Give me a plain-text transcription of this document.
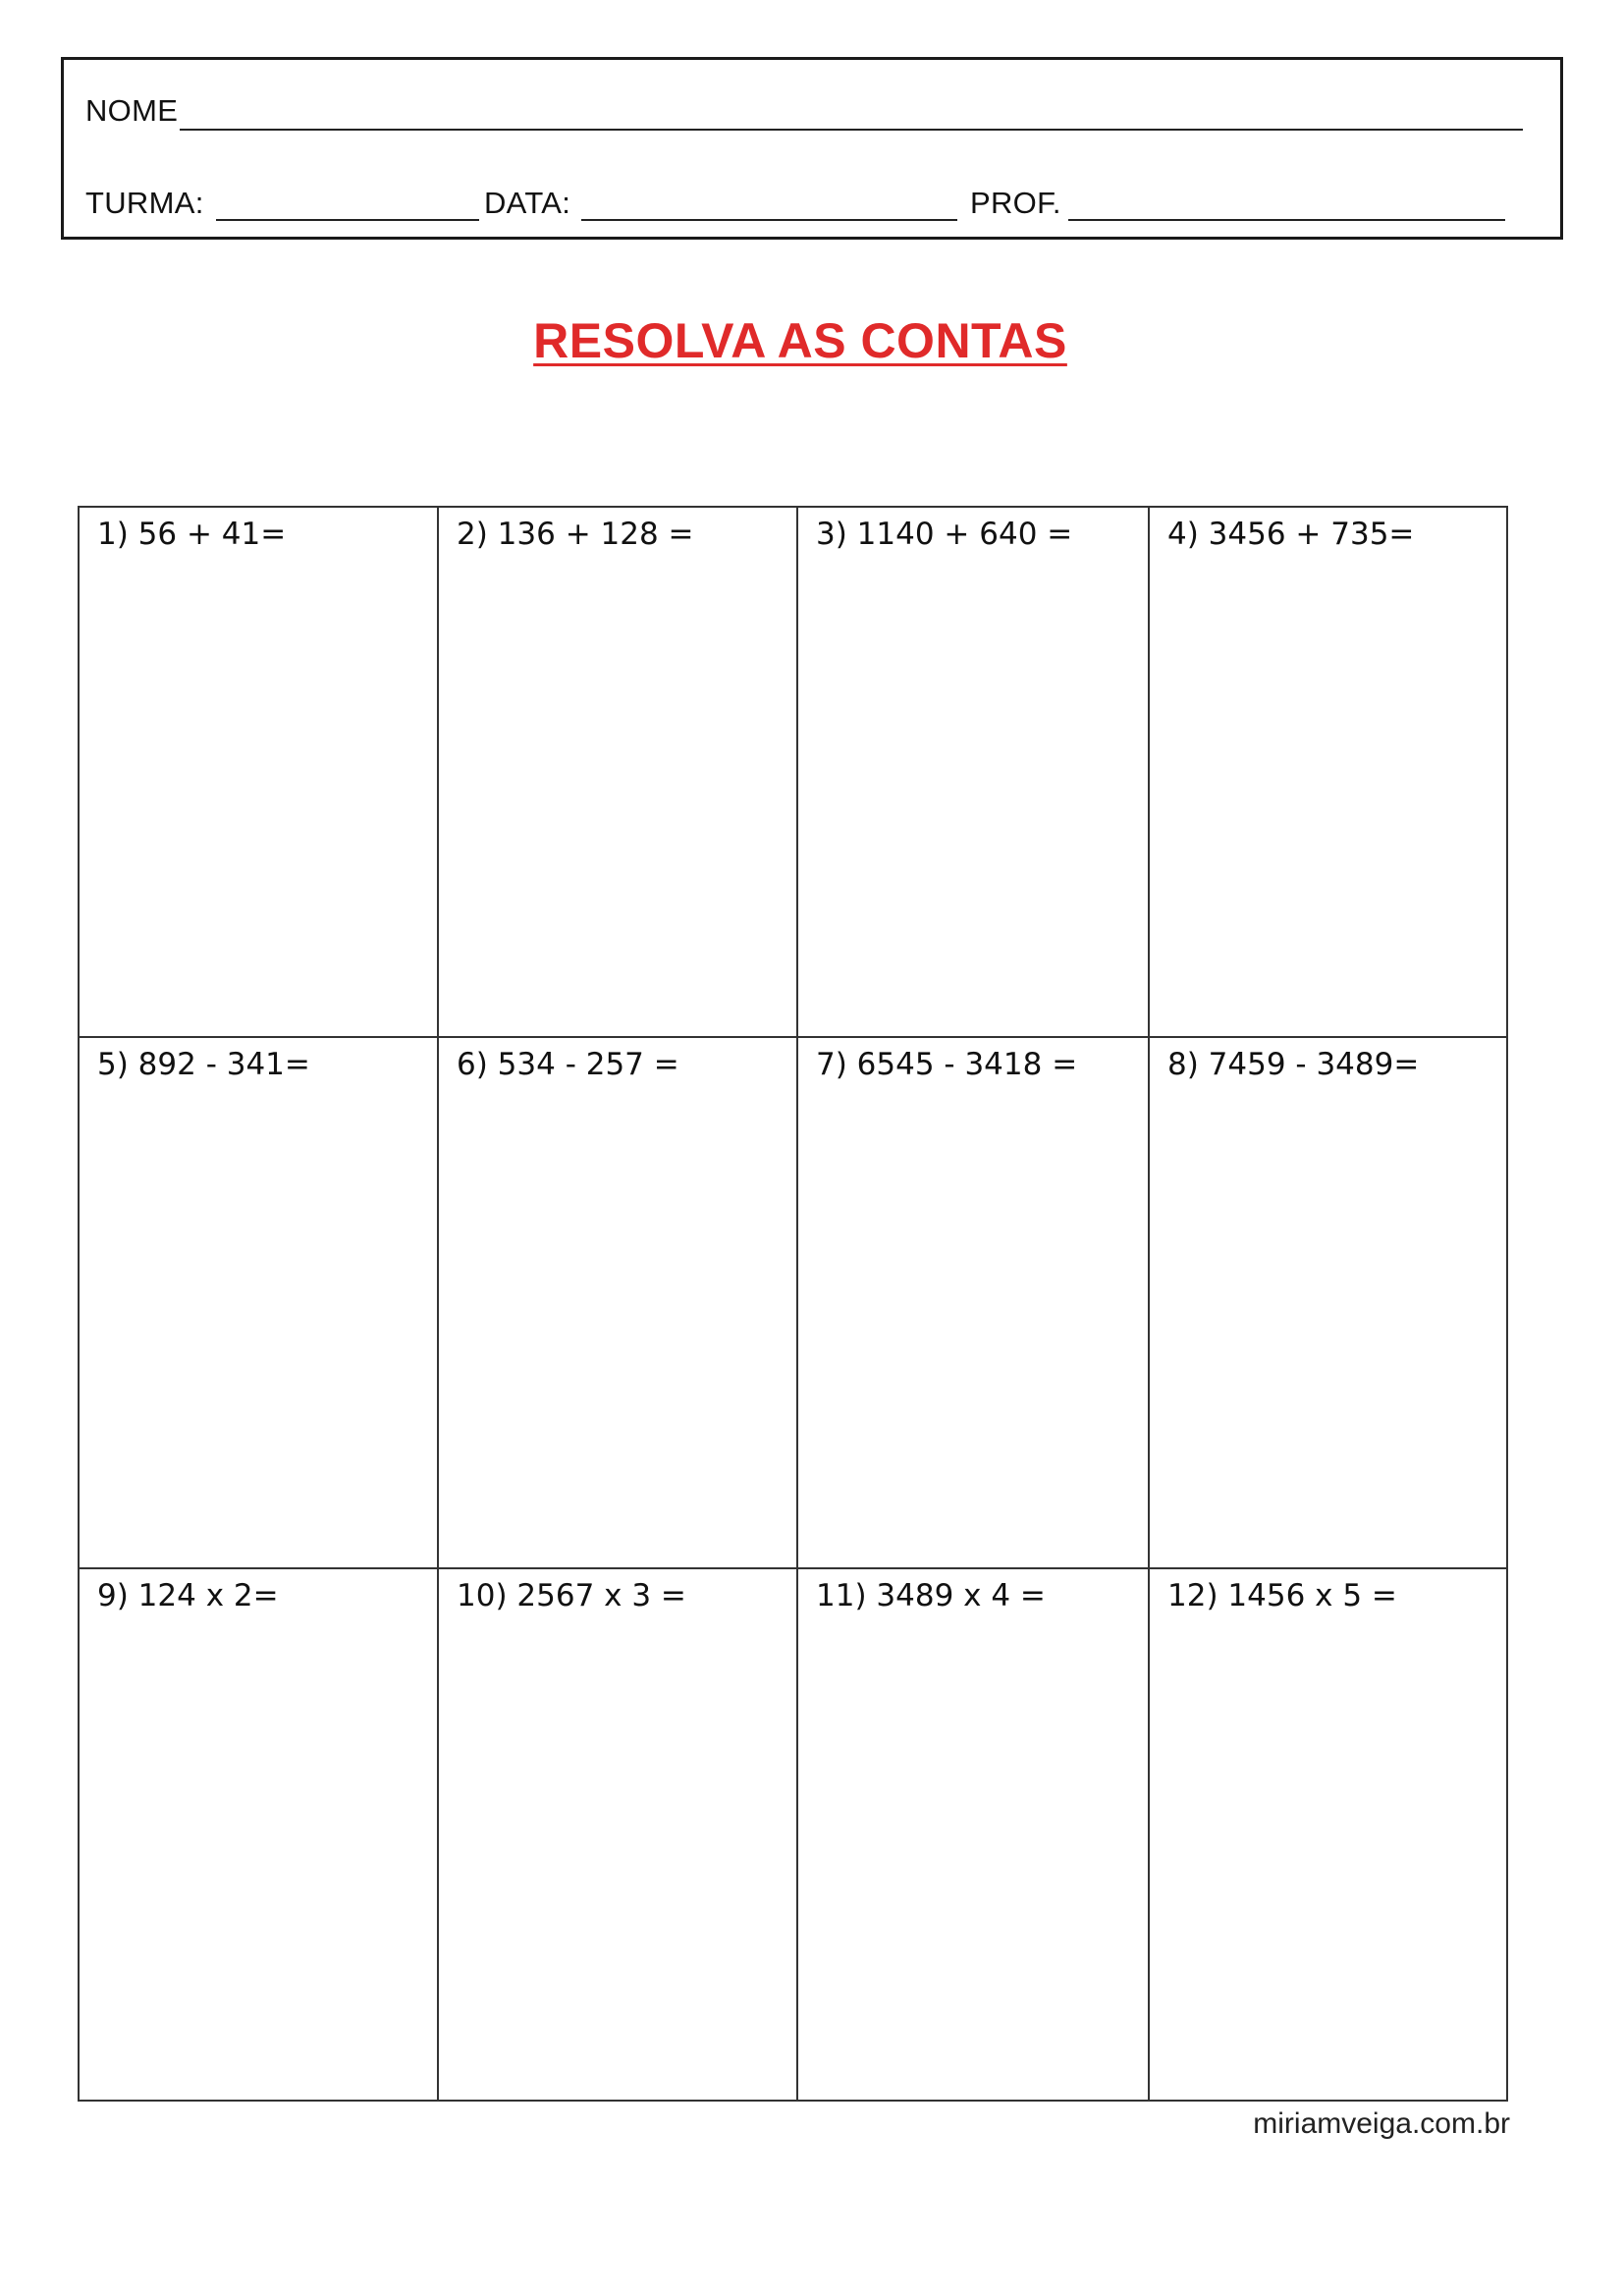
NOME
TURMA:	DATA:	PROF.
RESOLVA AS CONTAS
1) 56 + 41=	2) 136 + 128 =	3) 1140 + 640 =	4) 3456 + 735=
5) 892 - 341=	6) 534 - 257 =	7) 6545 - 3418 =	8) 7459 - 3489=
9) 124 x 2=	10) 2567 x 3 =	11) 3489 x 4 =	12) 1456 x 5 =
miriamveiga.com.br
